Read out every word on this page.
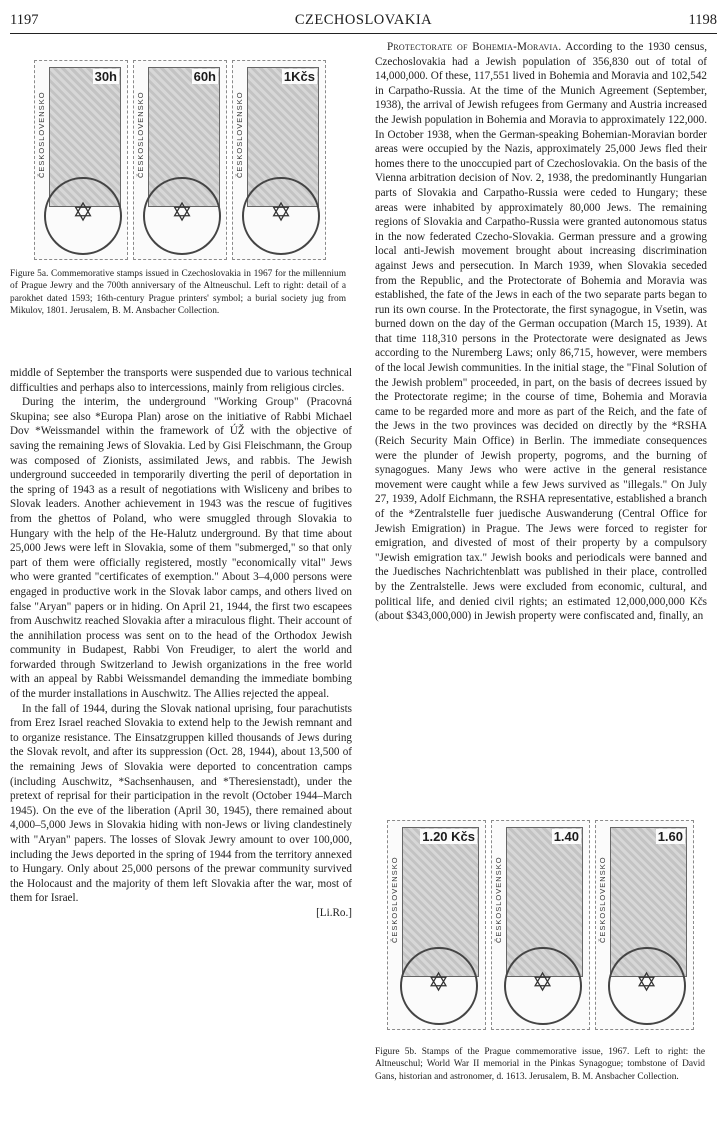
CZECHOSLOVAKIA
1197	1198
ČESKOSLOVENSKO
30h
✡
ČESKOSLOVENSKO
60h
✡
ČESKOSLOVENSKO
1Kčs
✡
Figure 5a. Commemorative stamps issued in Czechoslovakia in 1967 for the millennium of Prague Jewry and the 700th anniversary of the Altneuschul. Left to right: detail of a parokhet dated 1593; 16th-century Prague printers' symbol; a burial society jug from Mikulov, 1801. Jerusalem, B. M. Ansbacher Collection.

middle of September the transports were suspended due to various technical difficulties and perhaps also to intercessions, mainly from religious circles.

During the interim, the underground "Working Group" (Pracovná Skupina; see also *Europa Plan) arose on the initiative of Rabbi Michael Dov *Weissmandel within the framework of ÚŽ with the objective of saving the remaining Jews of Slovakia. Led by Gisi Fleischmann, the Group was composed of Zionists, assimilated Jews, and rabbis. The Jewish underground succeeded in temporarily diverting the peril of deportation in the spring of 1943 as a result of negotiations with Wisliceny and bribes to Slovak leaders. Another achievement in 1943 was the rescue of fugitives from the ghettos of Poland, who were smuggled through Slovakia to Hungary with the help of the He-Halutz underground. By that time about 25,000 Jews were left in Slovakia, some of them "submerged," so that only part of them were officially registered, mostly "economically vital" Jews who were granted "certificates of exemption." About 3–4,000 persons were engaged in productive work in the Slovak labor camps, and others lived on false "Aryan" papers or in hiding. On April 21, 1944, the first two escapees from Auschwitz reached Slovakia after a miraculous flight. Their account of the annihilation process was sent on to the head of the Orthodox Jewish community in Budapest, Rabbi Von Freudiger, to alert the world and forwarded through Switzerland to Jewish organizations in the free world with an appeal by Rabbi Weissmandel demanding the immediate bombing of the murder installations in Auschwitz. The Allies rejected the appeal.

In the fall of 1944, during the Slovak national uprising, four parachutists from Erez Israel reached Slovakia to extend help to the Jewish remnant and to organize resistance. The Einsatzgruppen killed thousands of Jews during the Slovak revolt, and after its suppression (Oct. 28, 1944), about 13,500 of the remaining Jews of Slovakia were deported to concentration camps (including Auschwitz, *Sachsenhausen, and *Theresienstadt), under the pretext of reprisal for their participation in the revolt (October 1944–March 1945). On the eve of the liberation (April 30, 1945), there remained about 4,000–5,000 Jews in Slovakia hiding with non-Jews or living clandestinely with "Aryan" papers. The losses of Slovak Jewry amount to over 100,000, including the Jews deported in the spring of 1944 from the territory annexed to Hungary. Only about 25,000 persons of the prewar community survived the Holocaust and the majority of them left Slovakia after the war, most of them for Israel.

[Li.Ro.]

Protectorate of Bohemia-Moravia. According to the 1930 census, Czechoslovakia had a Jewish population of 356,830 out of total of 14,000,000. Of these, 117,551 lived in Bohemia and Moravia and 102,542 in Carpatho-Russia. At the time of the Munich Agreement (September, 1938), the arrival of Jewish refugees from Germany and Austria increased the Jewish population in Bohemia and Moravia to approximately 122,000. In October 1938, when the German-speaking Bohemian-Moravian border areas were occupied by the Nazis, approximately 25,000 Jews fled their homes there to the unoccupied part of Czechoslovakia. On the basis of the Vienna arbitration decision of Nov. 2, 1938, the predominantly Hungarian parts of Slovakia and Carpatho-Russia were ceded to Hungary; these areas were inhabited by approximately 80,000 Jews. The remaining regions of Slovakia and Carpatho-Russia were granted autonomous status in the now federated Czecho-Slovakia. German pressure and a growing local anti-Jewish movement brought about increasing discrimination against Jews and persecution. In March 1939, when Slovakia seceded from the Republic, and the Protectorate of Bohemia and Moravia was established, the fate of the Jews in each of the two separate parts began to run its own course. In the Protectorate, the first synagogue, in Vsetin, was burned down on the day of the German occupation (March 15, 1939). At that time 118,310 persons in the Protectorate were designated as Jews according to the Nuremberg Laws; only 86,715, however, were members of the local Jewish communities. In the initial stage, the "Final Solution of the Jewish problem" proceeded, in part, on the basis of decrees issued by the Protectorate regime; in the course of time, Bohemia and Moravia came to be regarded more and more as part of the Reich, and the fate of the Jews in the two provinces was decided on directly by the *RSHA (Reich Security Main Office) in Berlin. The immediate consequences were the plunder of Jewish property, pogroms, and the burning of synagogues. Many Jews who were active in the general resistance movement were caught while a few Jews survived as "illegals." On July 27, 1939, Adolf Eichmann, the RSHA representative, established a branch of the *Zentralstelle fuer juedische Auswanderung (Central Office for Jewish Emigration) in Prague. The Jews were forced to register for emigration, and divested of most of their property by a compulsory "Jewish emigration tax." Jewish books and periodicals were banned and the Juedisches Nachrichtenblatt was published in their place, controlled by the Zentralstelle. Jews were excluded from economic, cultural, and political life, and denied civil rights; an estimated 12,000,000,000 Kčs (about $343,000,000) in Jewish property were confiscated and, finally, an

ČESKOSLOVENSKO
1.20 Kčs
✡
ČESKOSLOVENSKO
1.40
✡
ČESKOSLOVENSKO
1.60
✡
Figure 5b. Stamps of the Prague commemorative issue, 1967. Left to right: the Altneuschul; World War II memorial in the Pinkas Synagogue; tombstone of David Gans, historian and astronomer, d. 1613. Jerusalem, B. M. Ansbacher Collection.
